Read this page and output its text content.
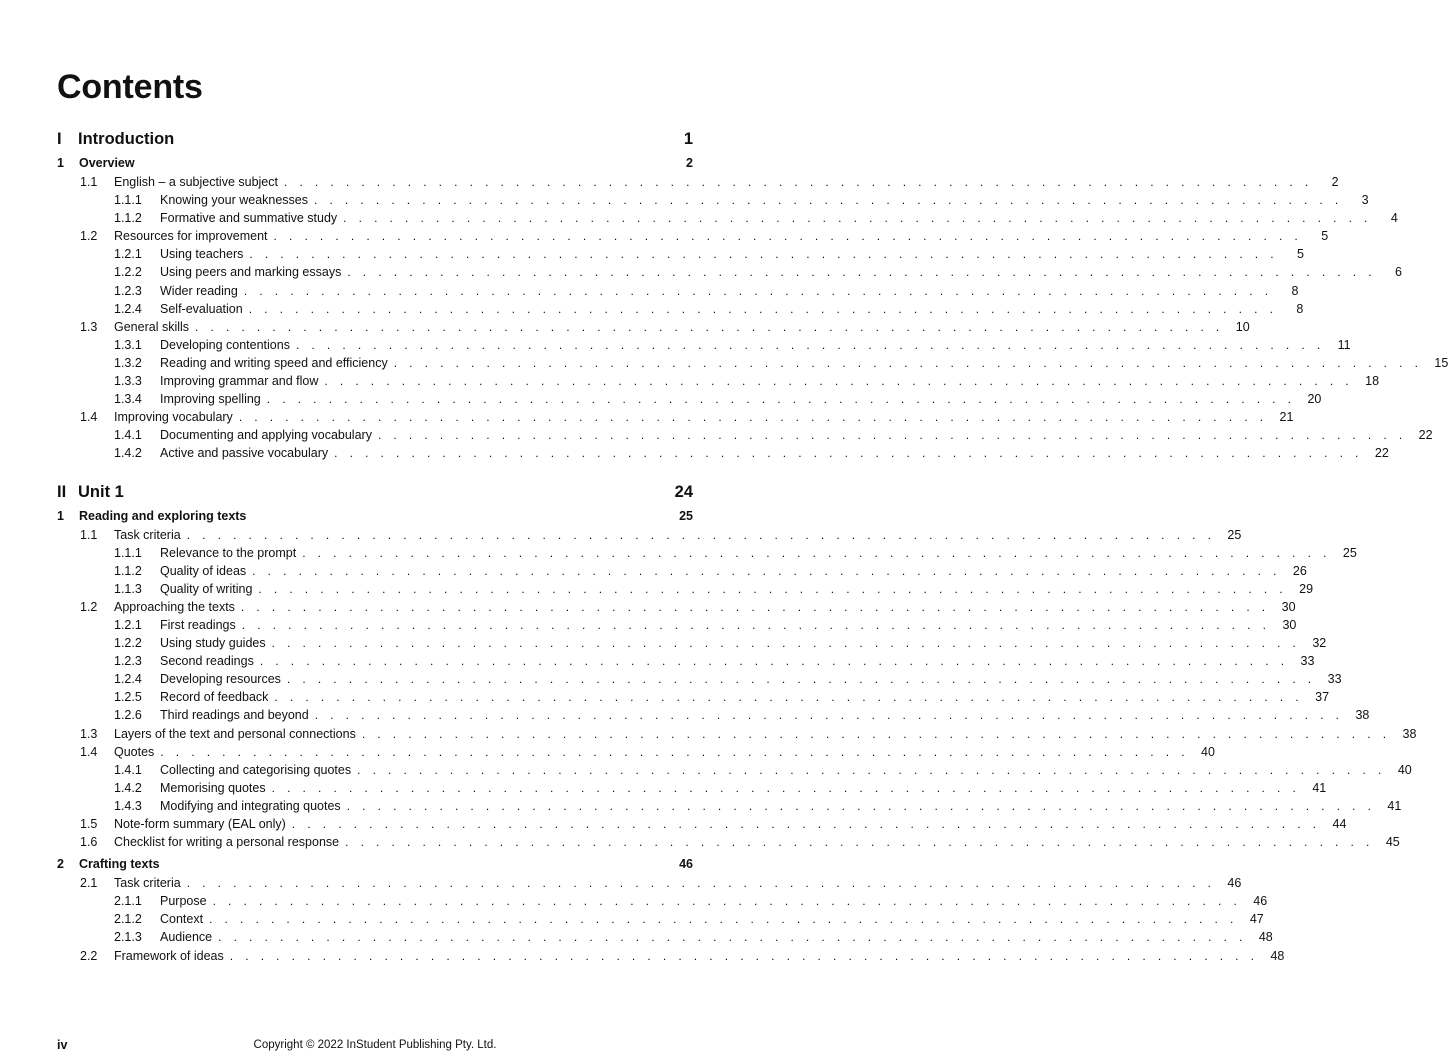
Contents
I Introduction	1
1	Overview	2
1.1	English – a subjective subject . . . . . . . . . . . . . . . . . . . . . . . . . . . . . . . . . . . . . . . . . . . . . . . . . . . . . . . . . . . . . . . . . . .	2
1.1.1	Knowing your weaknesses . . . . . . . . . . . . . . . . . . . . . . . . . . . . . . . . . . . . . . . . . . . . . . . . . . . . . . . . . . . . . . . . . . .	3
1.1.2	Formative and summative study . . . . . . . . . . . . . . . . . . . . . . . . . . . . . . . . . . . . . . . . . . . . . . . . . . . . . . . . . . . . . . . . . . .	4
1.2	Resources for improvement . . . . . . . . . . . . . . . . . . . . . . . . . . . . . . . . . . . . . . . . . . . . . . . . . . . . . . . . . . . . . . . . . . .	5
1.2.1	Using teachers . . . . . . . . . . . . . . . . . . . . . . . . . . . . . . . . . . . . . . . . . . . . . . . . . . . . . . . . . . . . . . . . . . .	5
1.2.2	Using peers and marking essays . . . . . . . . . . . . . . . . . . . . . . . . . . . . . . . . . . . . . . . . . . . . . . . . . . . . . . . . . . . . . . . . . . .	6
1.2.3	Wider reading . . . . . . . . . . . . . . . . . . . . . . . . . . . . . . . . . . . . . . . . . . . . . . . . . . . . . . . . . . . . . . . . . . .	8
1.2.4	Self-evaluation . . . . . . . . . . . . . . . . . . . . . . . . . . . . . . . . . . . . . . . . . . . . . . . . . . . . . . . . . . . . . . . . . . .	8
1.3	General skills . . . . . . . . . . . . . . . . . . . . . . . . . . . . . . . . . . . . . . . . . . . . . . . . . . . . . . . . . . . . . . . . . . . 10
1.3.1	Developing contentions . . . . . . . . . . . . . . . . . . . . . . . . . . . . . . . . . . . . . . . . . . . . . . . . . . . . . . . . . . . . . . . . . . .	11
1.3.2	Reading and writing speed and efficiency . . . . . . . . . . . . . . . . . . . . . . . . . . . . . . . . . . . . . . . . . . . . . . . . . . . . . . . . . . . . . . . . . . . 15
1.3.3	Improving grammar and flow . . . . . . . . . . . . . . . . . . . . . . . . . . . . . . . . . . . . . . . . . . . . . . . . . . . . . . . . . . . . . . . . . . . 18
1.3.4	Improving spelling . . . . . . . . . . . . . . . . . . . . . . . . . . . . . . . . . . . . . . . . . . . . . . . . . . . . . . . . . . . . . . . . . . . 20
1.4	Improving vocabulary . . . . . . . . . . . . . . . . . . . . . . . . . . . . . . . . . . . . . . . . . . . . . . . . . . . . . . . . . . . . . . . . . . . 21
1.4.1	Documenting and applying vocabulary . . . . . . . . . . . . . . . . . . . . . . . . . . . . . . . . . . . . . . . . . . . . . . . . . . . . . . . . . . . . . . . . . . . 22
1.4.2	Active and passive vocabulary . . . . . . . . . . . . . . . . . . . . . . . . . . . . . . . . . . . . . . . . . . . . . . . . . . . . . . . . . . . . . . . . . . . 22
II Unit 1	24
1	Reading and exploring texts	25
1.1	Task criteria . . . . . . . . . . . . . . . . . . . . . . . . . . . . . . . . . . . . . . . . . . . . . . . . . . . . . . . . . . . . . . . . . . . 25
1.1.1	Relevance to the prompt . . . . . . . . . . . . . . . . . . . . . . . . . . . . . . . . . . . . . . . . . . . . . . . . . . . . . . . . . . . . . . . . . . . 25
1.1.2	Quality of ideas . . . . . . . . . . . . . . . . . . . . . . . . . . . . . . . . . . . . . . . . . . . . . . . . . . . . . . . . . . . . . . . . . . . 26
1.1.3	Quality of writing . . . . . . . . . . . . . . . . . . . . . . . . . . . . . . . . . . . . . . . . . . . . . . . . . . . . . . . . . . . . . . . . . . . 29
1.2	Approaching the texts . . . . . . . . . . . . . . . . . . . . . . . . . . . . . . . . . . . . . . . . . . . . . . . . . . . . . . . . . . . . . . . . . . . 30
1.2.1	First readings . . . . . . . . . . . . . . . . . . . . . . . . . . . . . . . . . . . . . . . . . . . . . . . . . . . . . . . . . . . . . . . . . . . 30
1.2.2	Using study guides . . . . . . . . . . . . . . . . . . . . . . . . . . . . . . . . . . . . . . . . . . . . . . . . . . . . . . . . . . . . . . . . . . . 32
1.2.3	Second readings . . . . . . . . . . . . . . . . . . . . . . . . . . . . . . . . . . . . . . . . . . . . . . . . . . . . . . . . . . . . . . . . . . . 33
1.2.4	Developing resources . . . . . . . . . . . . . . . . . . . . . . . . . . . . . . . . . . . . . . . . . . . . . . . . . . . . . . . . . . . . . . . . . . . 33
1.2.5	Record of feedback . . . . . . . . . . . . . . . . . . . . . . . . . . . . . . . . . . . . . . . . . . . . . . . . . . . . . . . . . . . . . . . . . . . 37
1.2.6	Third readings and beyond . . . . . . . . . . . . . . . . . . . . . . . . . . . . . . . . . . . . . . . . . . . . . . . . . . . . . . . . . . . . . . . . . . . 38
1.3	Layers of the text and personal connections . . . . . . . . . . . . . . . . . . . . . . . . . . . . . . . . . . . . . . . . . . . . . . . . . . . . . . . . . . . . . . . . . . . 38
1.4	Quotes . . . . . . . . . . . . . . . . . . . . . . . . . . . . . . . . . . . . . . . . . . . . . . . . . . . . . . . . . . . . . . . . . . . 40
1.4.1	Collecting and categorising quotes . . . . . . . . . . . . . . . . . . . . . . . . . . . . . . . . . . . . . . . . . . . . . . . . . . . . . . . . . . . . . . . . . . . 40
1.4.2	Memorising quotes . . . . . . . . . . . . . . . . . . . . . . . . . . . . . . . . . . . . . . . . . . . . . . . . . . . . . . . . . . . . . . . . . . . 41
1.4.3	Modifying and integrating quotes . . . . . . . . . . . . . . . . . . . . . . . . . . . . . . . . . . . . . . . . . . . . . . . . . . . . . . . . . . . . . . . . . . . 41
1.5	Note-form summary (EAL only) . . . . . . . . . . . . . . . . . . . . . . . . . . . . . . . . . . . . . . . . . . . . . . . . . . . . . . . . . . . . . . . . . . . 44
1.6	Checklist for writing a personal response . . . . . . . . . . . . . . . . . . . . . . . . . . . . . . . . . . . . . . . . . . . . . . . . . . . . . . . . . . . . . . . . . . . 45
2	Crafting texts	46
2.1	Task criteria . . . . . . . . . . . . . . . . . . . . . . . . . . . . . . . . . . . . . . . . . . . . . . . . . . . . . . . . . . . . . . . . . . . 46
2.1.1	Purpose . . . . . . . . . . . . . . . . . . . . . . . . . . . . . . . . . . . . . . . . . . . . . . . . . . . . . . . . . . . . . . . . . . . 46
2.1.2	Context . . . . . . . . . . . . . . . . . . . . . . . . . . . . . . . . . . . . . . . . . . . . . . . . . . . . . . . . . . . . . . . . . . . 47
2.1.3	Audience . . . . . . . . . . . . . . . . . . . . . . . . . . . . . . . . . . . . . . . . . . . . . . . . . . . . . . . . . . . . . . . . . . . 48
2.2	Framework of ideas . . . . . . . . . . . . . . . . . . . . . . . . . . . . . . . . . . . . . . . . . . . . . . . . . . . . . . . . . . . . . . . . . . . 48
iv	Copyright © 2022 InStudent Publishing Pty. Ltd.
